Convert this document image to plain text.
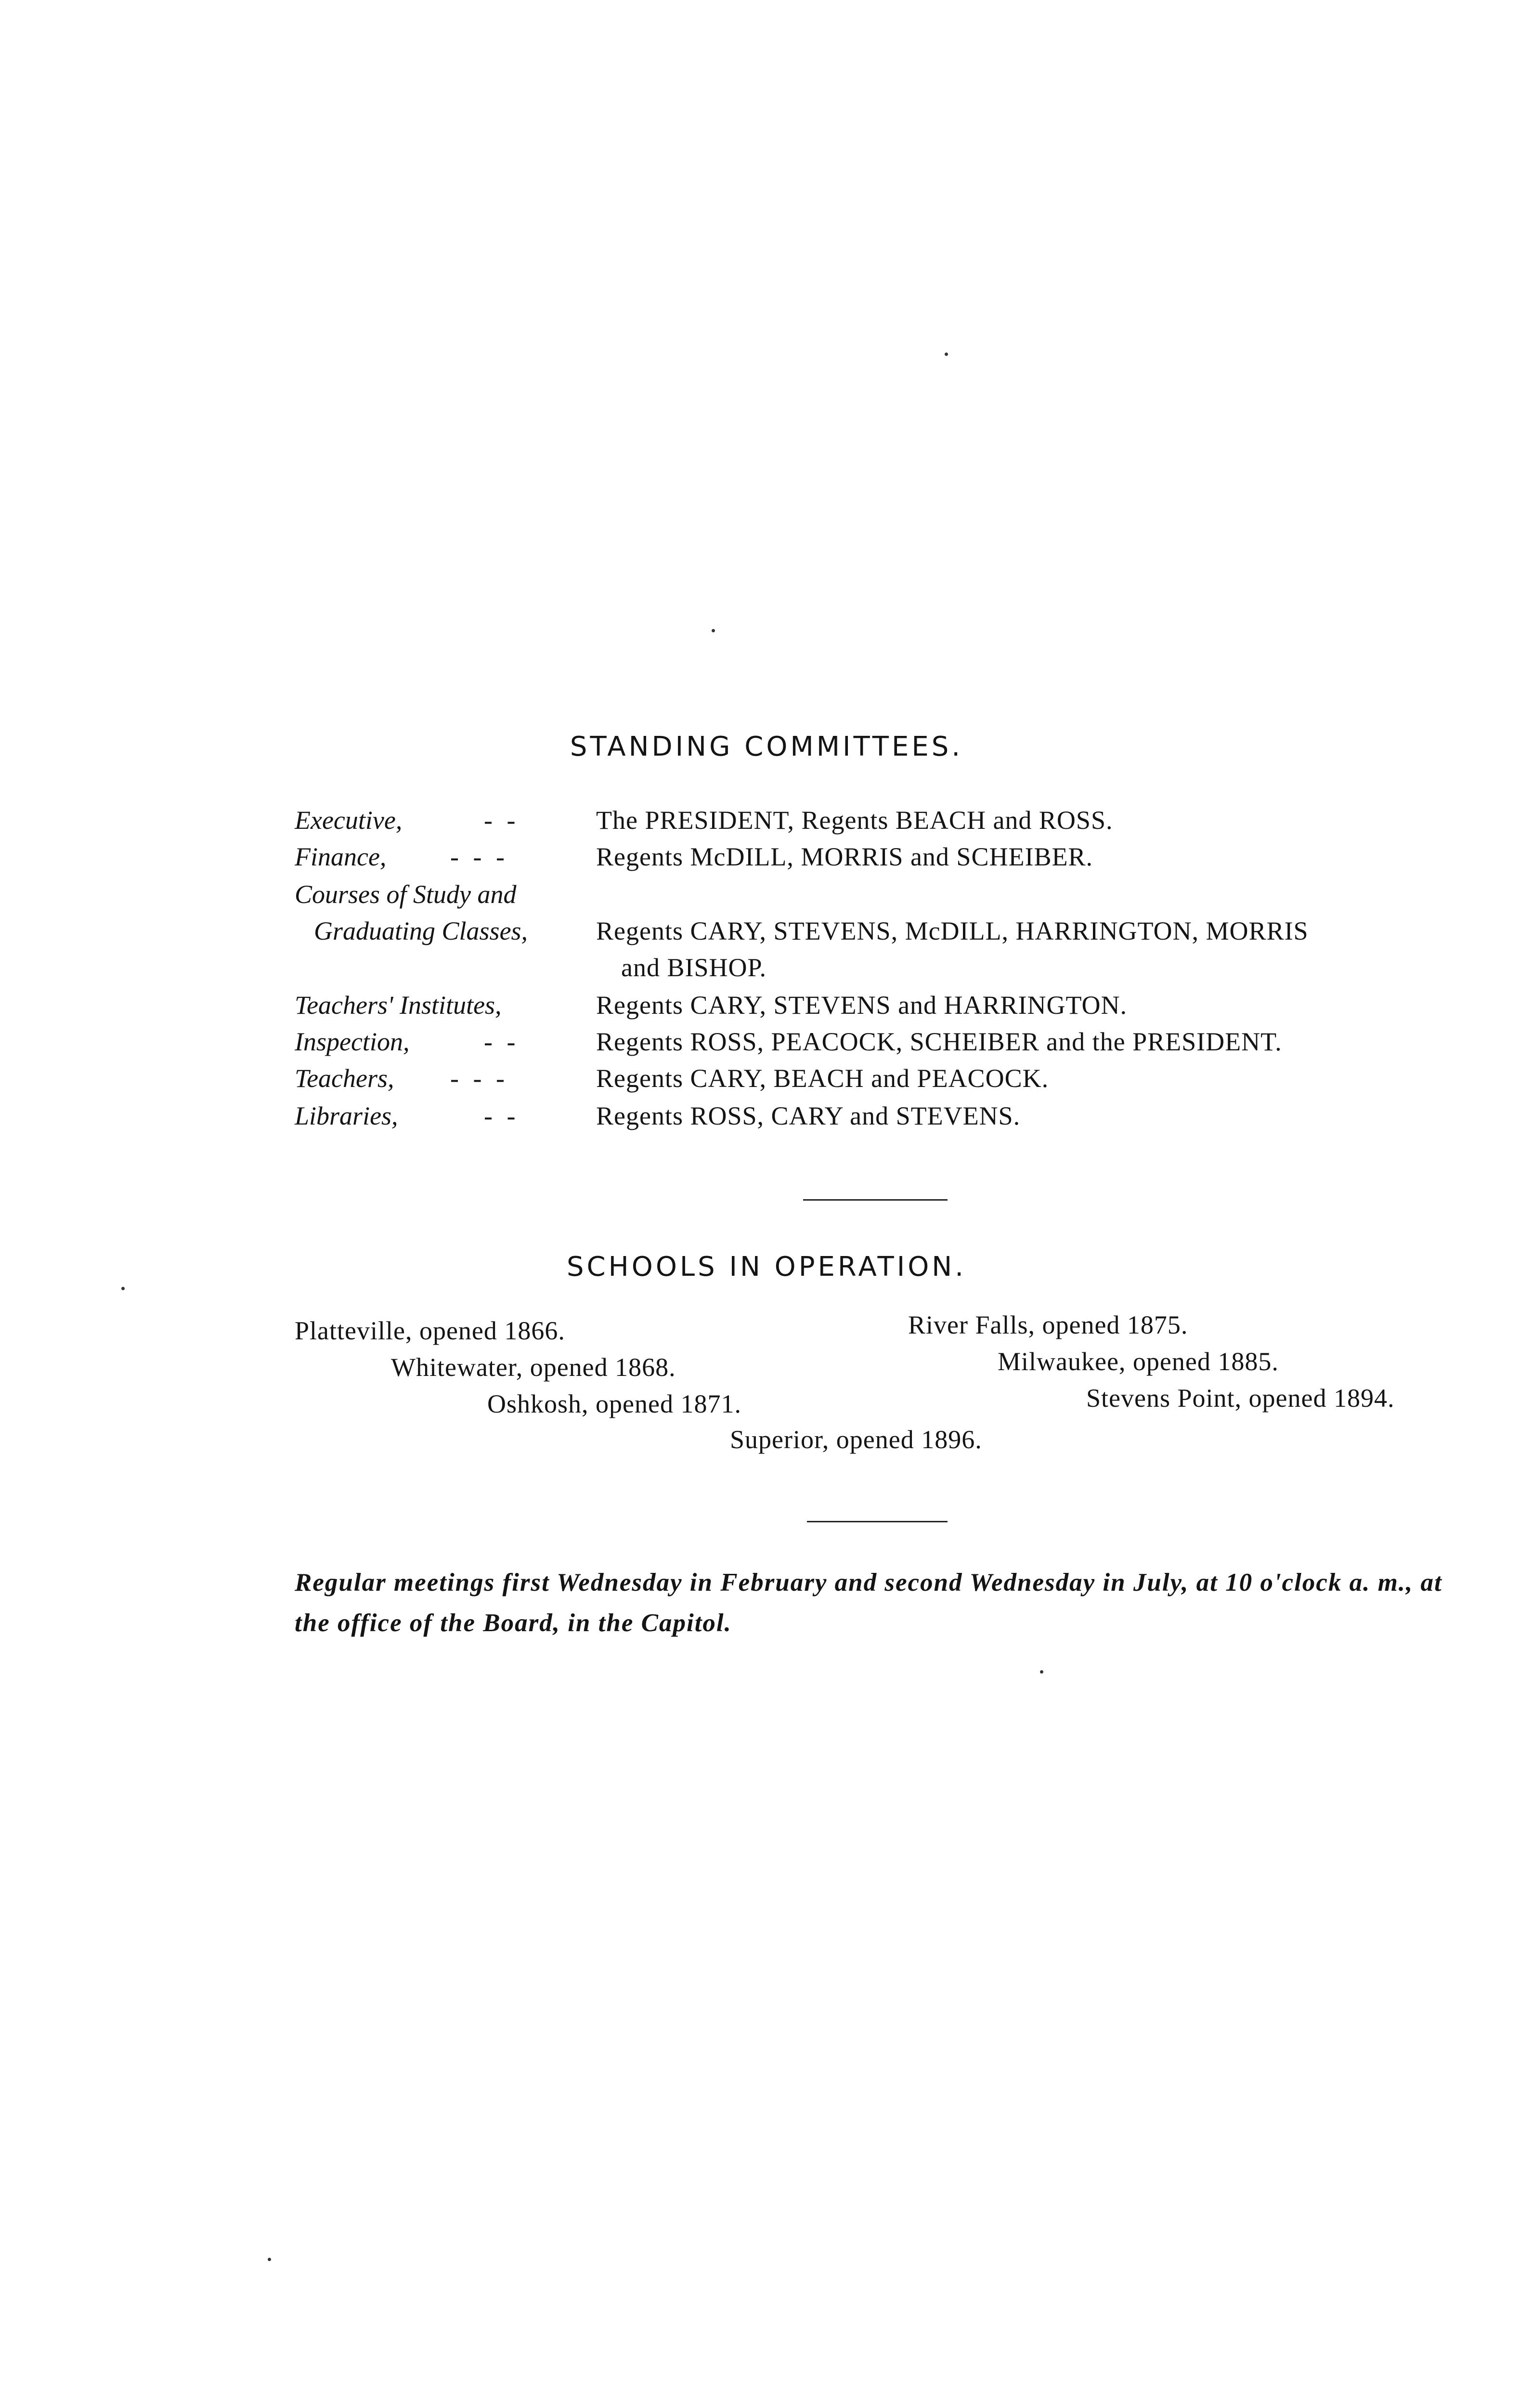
STANDING COMMITTEES.
Executive,	- -	The PRESIDENT, Regents BEACH and ROSS.
Finance, - - -	Regents McDILL, MORRIS and SCHEIBER.
Courses of Study and
Graduating Classes,	Regents CARY, STEVENS, McDILL, HARRINGTON, MORRIS
and BISHOP.
Teachers' Institutes,	Regents CARY, STEVENS and HARRINGTON.
Inspection,	- -	Regents ROSS, PEACOCK, SCHEIBER and the PRESIDENT.
Teachers, - - -	Regents CARY, BEACH and PEACOCK.
Libraries,	- -	Regents ROSS, CARY and STEVENS.
SCHOOLS IN OPERATION.
Platteville, opened 1866.	River Falls, opened 1875.
Whitewater, opened 1868.	Milwaukee, opened 1885.
Oshkosh, opened 1871.	Stevens Point, opened 1894.
Superior, opened 1896.
Regular meetings first Wednesday in February and second Wednesday in July, at 10 o'clock a. m., at the office of the Board, in the Capitol.
